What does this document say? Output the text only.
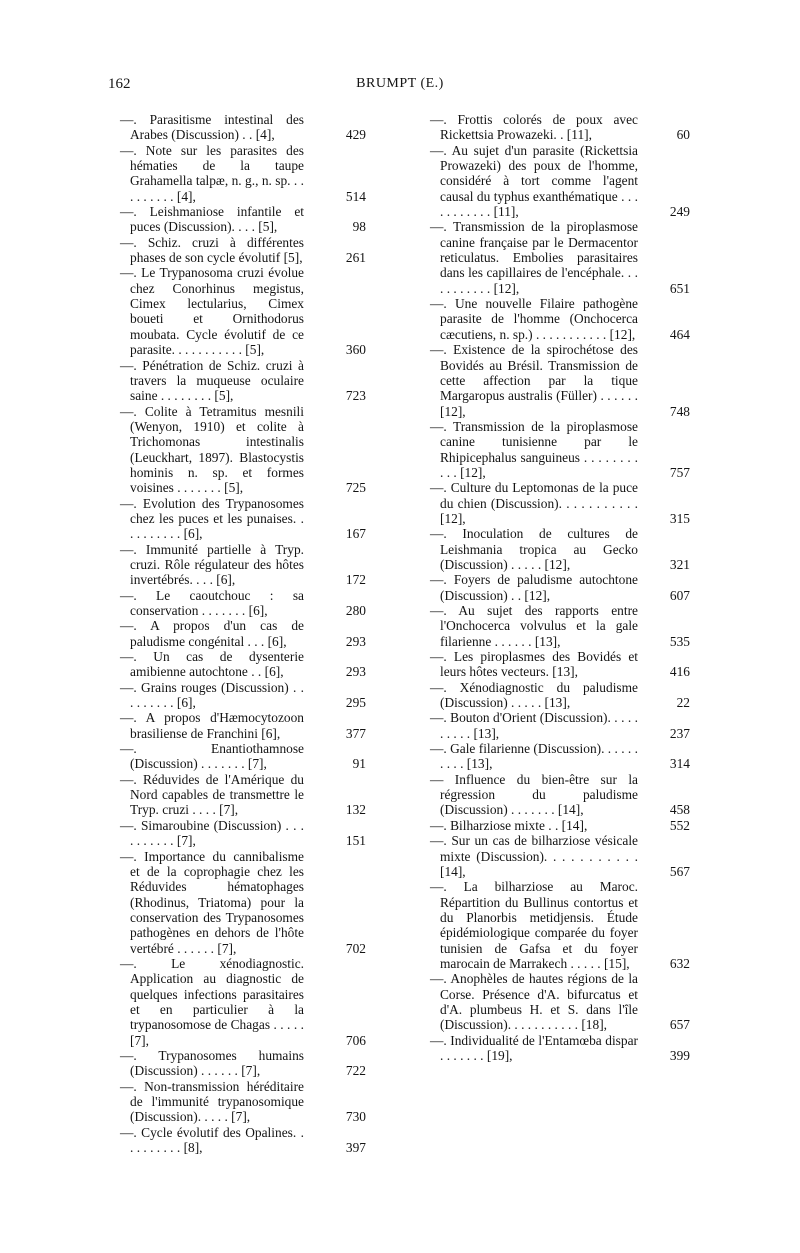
162	BRUMPT (E.)
—. Parasitisme intestinal des Arabes (Discussion) . . [4],	429
—. Note sur les parasites des hématies de la taupe Grahamella talpæ, n. g., n. sp. . . . . . . . . . [4],	514
—. Leishmaniose infantile et puces (Discussion). . . . [5],	98
—. Schiz. cruzi à différentes phases de son cycle évolutif [5],	261
—. Le Trypanosoma cruzi évolue chez Conorhinus megistus, Cimex lectularius, Cimex boueti et Ornithodorus moubata. Cycle évolutif de ce parasite. . . . . . . . . . . [5],	360
—. Pénétration de Schiz. cruzi à travers la muqueuse oculaire saine . . . . . . . . [5],	723
—. Colite à Tetramitus mesnili (Wenyon, 1910) et colite à Trichomonas intestinalis (Leuckhart, 1897). Blastocystis hominis n. sp. et formes voisines . . . . . . . [5],	725
—. Evolution des Trypanosomes chez les puces et les punaises. . . . . . . . . . [6],	167
—. Immunité partielle à Tryp. cruzi. Rôle régulateur des hôtes invertébrés. . . . [6],	172
—. Le caoutchouc : sa conservation . . . . . . . [6],	280
—. A propos d'un cas de paludisme congénital . . . [6],	293
—. Un cas de dysenterie amibienne autochtone . . [6],	293
—. Grains rouges (Discussion) . . . . . . . . . [6],	295
—. A propos d'Hæmocytozoon brasiliense de Franchini [6],	377
—. Enantiothamnose (Discussion) . . . . . . . [7],	91
—. Réduvides de l'Amérique du Nord capables de transmettre le Tryp. cruzi . . . . [7],	132
—. Simaroubine (Discussion) . . . . . . . . . . [7],	151
—. Importance du cannibalisme et de la coprophagie chez les Réduvides hématophages (Rhodinus, Triatoma) pour la conservation des Trypanosomes pathogènes en dehors de l'hôte vertébré . . . . . . [7],	702
—. Le xénodiagnostic. Application au diagnostic de quelques infections parasitaires et en particulier à la trypanosomose de Chagas . . . . . [7],	706
—. Trypanosomes humains (Discussion) . . . . . . [7],	722
—. Non-transmission héréditaire de l'immunité trypanosomique (Discussion). . . . . [7],	730
—. Cycle évolutif des Opalines. . . . . . . . . . [8],	397
—. Frottis colorés de poux avec Rickettsia Prowazeki. . [11],	60
—. Au sujet d'un parasite (Rickettsia Prowazeki) des poux de l'homme, considéré à tort comme l'agent causal du typhus exanthématique . . . . . . . . . . . [11],	249
—. Transmission de la piroplasmose canine française par le Dermacentor reticulatus. Embolies parasitaires dans les capillaires de l'encéphale. . . . . . . . . . . [12],	651
—. Une nouvelle Filaire pathogène parasite de l'homme (Onchocerca cæcutiens, n. sp.) . . . . . . . . . . . [12],	464
—. Existence de la spirochétose des Bovidés au Brésil. Transmission de cette affection par la tique Margaropus australis (Füller) . . . . . . [12],	748
—. Transmission de la piroplasmose canine tunisienne par le Rhipicephalus sanguineus . . . . . . . . . . . [12],	757
—. Culture du Leptomonas de la puce du chien (Discussion). . . . . . . . . . . [12],	315
—. Inoculation de cultures de Leishmania tropica au Gecko (Discussion) . . . . . [12],	321
—. Foyers de paludisme autochtone (Discussion) . . [12],	607
—. Au sujet des rapports entre l'Onchocerca volvulus et la gale filarienne . . . . . . [13],	535
—. Les piroplasmes des Bovidés et leurs hôtes vecteurs. [13],	416
—. Xénodiagnostic du paludisme (Discussion) . . . . . [13],	22
—. Bouton d'Orient (Discussion). . . . . . . . . . [13],	237
—. Gale filarienne (Discussion). . . . . . . . . . [13],	314
— Influence du bien-être sur la régression du paludisme (Discussion) . . . . . . . [14],	458
—. Bilharziose mixte . . [14],	552
—. Sur un cas de bilharziose vésicale mixte (Discussion). . . . . . . . . . . [14],	567
—. La bilharziose au Maroc. Répartition du Bullinus contortus et du Planorbis metidjensis. Étude épidémiologique comparée du foyer tunisien de Gafsa et du foyer marocain de Marrakech . . . . . [15],	632
—. Anophèles de hautes régions de la Corse. Présence d'A. bifurcatus et d'A. plumbeus H. et S. dans l'île (Discussion). . . . . . . . . . . [18],	657
—. Individualité de l'Entamœba dispar . . . . . . . [19],	399
